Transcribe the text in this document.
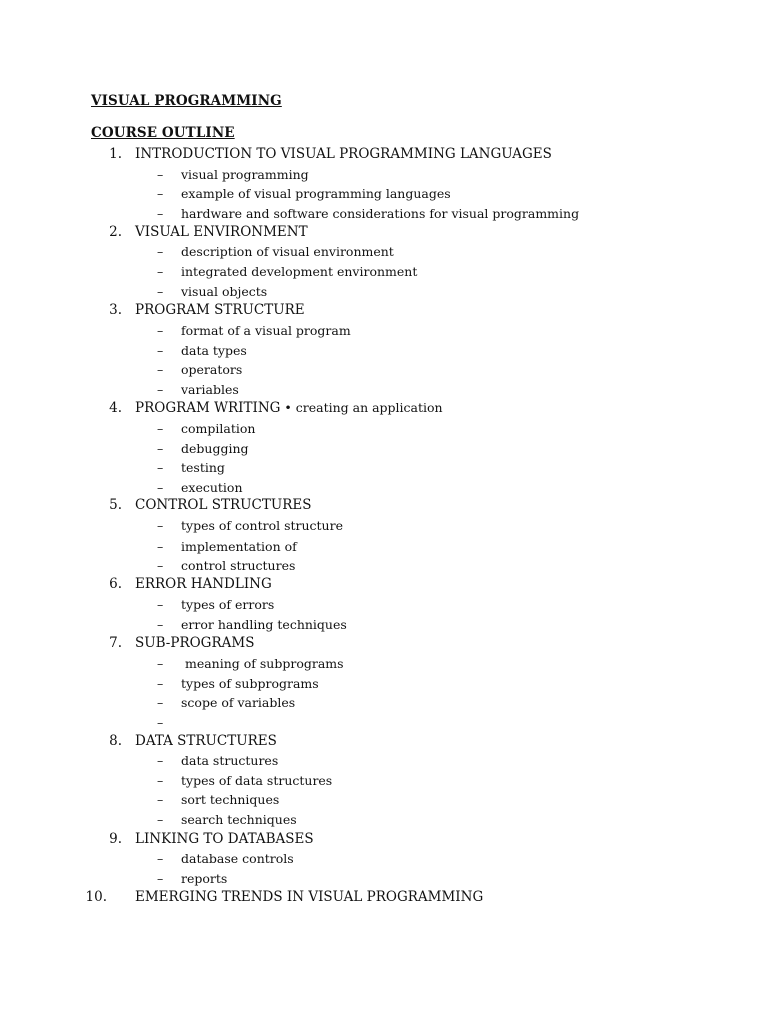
VISUAL PROGRAMMING
COURSE OUTLINE
1. INTRODUCTION TO VISUAL PROGRAMMING LANGUAGES
– visual programming
– example of visual programming languages
– hardware and software considerations for visual programming
2. VISUAL ENVIRONMENT
– description of visual environment
– integrated development environment
– visual objects
3. PROGRAM STRUCTURE
– format of a visual program
– data types
– operators
– variables
4. PROGRAM WRITING • creating an application
– compilation
– debugging
– testing
– execution
5. CONTROL STRUCTURES
– types of control structure
– implementation of
– control structures
6. ERROR HANDLING
– types of errors
– error handling techniques
7. SUB-PROGRAMS
– meaning of subprograms
– types of subprograms
– scope of variables
–
8. DATA STRUCTURES
– data structures
– types of data structures
– sort techniques
– search techniques
9. LINKING TO DATABASES
– database controls
– reports
10. EMERGING TRENDS IN VISUAL PROGRAMMING
